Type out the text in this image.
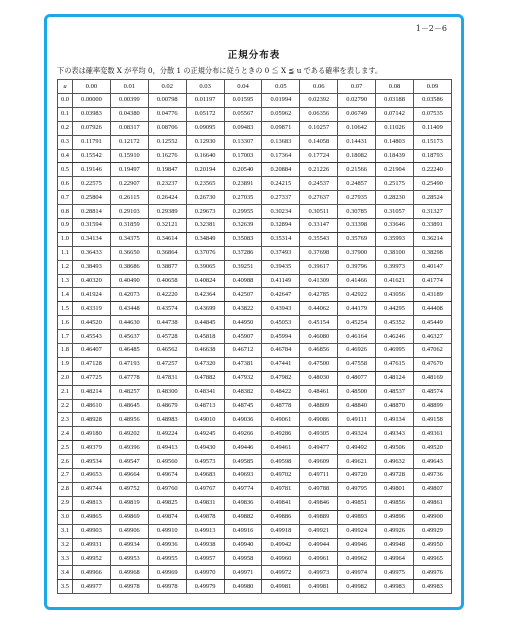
1－2－6
正規分布表
下の表は確率変数 X が平均 0，分散 1 の正規分布に従うときの 0 ≦ X ≦ u である確率を表します。
u	0.00	0.01	0.02	0.03	0.04	0.05	0.06	0.07	0.08	0.09
0.0	0.00000	0.00399	0.00798	0.01197	0.01595	0.01994	0.02392	0.02790	0.03188	0.03586
0.1	0.03983	0.04380	0.04776	0.05172	0.05567	0.05962	0.06356	0.06749	0.07142	0.07535
0.2	0.07926	0.08317	0.08706	0.09095	0.09483	0.09871	0.10257	0.10642	0.11026	0.11409
0.3	0.11791	0.12172	0.12552	0.12930	0.13307	0.13683	0.14058	0.14431	0.14803	0.15173
0.4	0.15542	0.15910	0.16276	0.16640	0.17003	0.17364	0.17724	0.18082	0.18439	0.18793
0.5	0.19146	0.19497	0.19847	0.20194	0.20540	0.20884	0.21226	0.21566	0.21904	0.22240
0.6	0.22575	0.22907	0.23237	0.23565	0.23891	0.24215	0.24537	0.24857	0.25175	0.25490
0.7	0.25804	0.26115	0.26424	0.26730	0.27035	0.27337	0.27637	0.27935	0.28230	0.28524
0.8	0.28814	0.29103	0.29389	0.29673	0.29955	0.30234	0.30511	0.30785	0.31057	0.31327
0.9	0.31594	0.31859	0.32121	0.32381	0.32639	0.32894	0.33147	0.33398	0.33646	0.33891
1.0	0.34134	0.34375	0.34614	0.34849	0.35083	0.35314	0.35543	0.35769	0.35993	0.36214
1.1	0.36433	0.36650	0.36864	0.37076	0.37286	0.37493	0.37698	0.37900	0.38100	0.38298
1.2	0.38493	0.38686	0.38877	0.39065	0.39251	0.39435	0.39617	0.39796	0.39973	0.40147
1.3	0.40320	0.40490	0.40658	0.40824	0.40988	0.41149	0.41309	0.41466	0.41621	0.41774
1.4	0.41924	0.42073	0.42220	0.42364	0.42507	0.42647	0.42785	0.42922	0.43056	0.43189
1.5	0.43319	0.43448	0.43574	0.43699	0.43822	0.43943	0.44062	0.44179	0.44295	0.44408
1.6	0.44520	0.44630	0.44738	0.44845	0.44950	0.45053	0.45154	0.45254	0.45352	0.45449
1.7	0.45543	0.45637	0.45728	0.45818	0.45907	0.45994	0.46080	0.46164	0.46246	0.46327
1.8	0.46407	0.46485	0.46562	0.46638	0.46712	0.46784	0.46856	0.46926	0.46995	0.47062
1.9	0.47128	0.47193	0.47257	0.47320	0.47381	0.47441	0.47500	0.47558	0.47615	0.47670
2.0	0.47725	0.47778	0.47831	0.47882	0.47932	0.47982	0.48030	0.48077	0.48124	0.48169
2.1	0.48214	0.48257	0.48300	0.48341	0.48382	0.48422	0.48461	0.48500	0.48537	0.48574
2.2	0.48610	0.48645	0.48679	0.48713	0.48745	0.48778	0.48809	0.48840	0.48870	0.48899
2.3	0.48928	0.48956	0.48983	0.49010	0.49036	0.49061	0.49086	0.49111	0.49134	0.49158
2.4	0.49180	0.49202	0.49224	0.49245	0.49266	0.49286	0.49305	0.49324	0.49343	0.49361
2.5	0.49379	0.49396	0.49413	0.49430	0.49446	0.49461	0.49477	0.49492	0.49506	0.49520
2.6	0.49534	0.49547	0.49560	0.49573	0.49585	0.49598	0.49609	0.49621	0.49632	0.49643
2.7	0.49653	0.49664	0.49674	0.49683	0.49693	0.49702	0.49711	0.49720	0.49728	0.49736
2.8	0.49744	0.49752	0.49760	0.49767	0.49774	0.49781	0.49788	0.49795	0.49801	0.49807
2.9	0.49813	0.49819	0.49825	0.49831	0.49836	0.49841	0.49846	0.49851	0.49856	0.49861
3.0	0.49865	0.49869	0.49874	0.49878	0.49882	0.49886	0.49889	0.49893	0.49896	0.49900
3.1	0.49903	0.49906	0.49910	0.49913	0.49916	0.49918	0.49921	0.49924	0.49926	0.49929
3.2	0.49931	0.49934	0.49936	0.49938	0.49940	0.49942	0.49944	0.49946	0.49948	0.49950
3.3	0.49952	0.49953	0.49955	0.49957	0.49958	0.49960	0.49961	0.49962	0.49964	0.49965
3.4	0.49966	0.49968	0.49969	0.49970	0.49971	0.49972	0.49973	0.49974	0.49975	0.49976
3.5	0.49977	0.49978	0.49978	0.49979	0.49980	0.49981	0.49981	0.49982	0.49983	0.49983
